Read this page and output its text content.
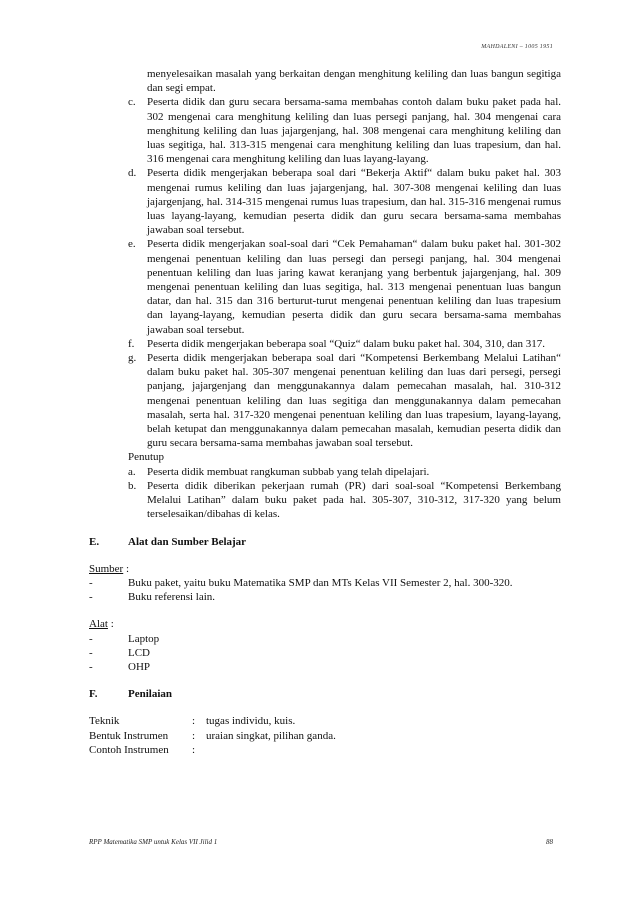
MAHDALENI – 1005 1951
menyelesaikan masalah yang berkaitan dengan menghitung keliling dan luas bangun segitiga dan segi empat.
c. Peserta didik dan guru secara bersama-sama membahas contoh dalam buku paket pada hal. 302 mengenai cara menghitung keliling dan luas persegi panjang, hal. 304 mengenai cara menghitung keliling dan luas jajargenjang, hal. 308 mengenai cara menghitung keliling dan luas segitiga, hal. 313-315 mengenai cara menghitung keliling dan luas trapesium, dan hal. 316 mengenai cara menghitung keliling dan luas layang-layang.
d. Peserta didik mengerjakan beberapa soal dari “Bekerja Aktif“ dalam buku paket hal. 303 mengenai rumus keliling dan luas jajargenjang, hal. 307-308 mengenai keliling dan luas jajargenjang, hal. 314-315 mengenai rumus luas trapesium, dan hal. 315-316 mengenai rumus luas layang-layang, kemudian peserta didik dan guru secara bersama-sama membahas jawaban soal tersebut.
e. Peserta didik mengerjakan soal-soal dari “Cek Pemahaman“ dalam buku paket hal. 301-302 mengenai penentuan keliling dan luas persegi dan persegi panjang, hal. 304 mengenai penentuan keliling dan luas jaring kawat keranjang yang berbentuk jajargenjang, hal. 309 mengenai penentuan keliling dan luas segitiga, hal. 313 mengenai penentuan luas bangun datar, dan hal. 315 dan 316 berturut-turut mengenai penentuan keliling dan luas trapesium dan layang-layang, kemudian peserta didik dan guru secara bersama-sama membahas jawaban soal tersebut.
f. Peserta didik mengerjakan beberapa soal “Quiz“ dalam buku paket hal. 304, 310, dan 317.
g. Peserta didik mengerjakan beberapa soal dari “Kompetensi Berkembang Melalui Latihan“ dalam buku paket hal. 305-307 mengenai penentuan keliling dan luas dari persegi, persegi panjang, jajargenjang dan menggunakannya dalam pemecahan masalah, hal. 310-312 mengenai penentuan keliling dan luas segitiga dan menggunakannya dalam pemecahan masalah, serta hal. 317-320 mengenai penentuan keliling dan luas trapesium, layang-layang, belah ketupat dan menggunakannya dalam pemecahan masalah, kemudian peserta didik dan guru secara bersama-sama membahas jawaban soal tersebut.
Penutup
a. Peserta didik membuat rangkuman subbab yang telah dipelajari.
b. Peserta didik diberikan pekerjaan rumah (PR) dari soal-soal “Kompetensi Berkembang Melalui Latihan” dalam buku paket pada hal. 305-307, 310-312, 317-320 yang belum terselesaikan/dibahas di kelas.
E.	Alat dan Sumber Belajar
Sumber :
-	Buku paket, yaitu buku Matematika SMP dan MTs Kelas VII Semester 2, hal. 300-320.
-	Buku referensi lain.
Alat :
-	Laptop
-	LCD
-	OHP
F.	Penilaian
Teknik	: tugas individu, kuis.
Bentuk Instrumen	: uraian singkat, pilihan ganda.
Contoh Instrumen	:
RPP Matematika SMP untuk Kelas VII Jilid 1	88
